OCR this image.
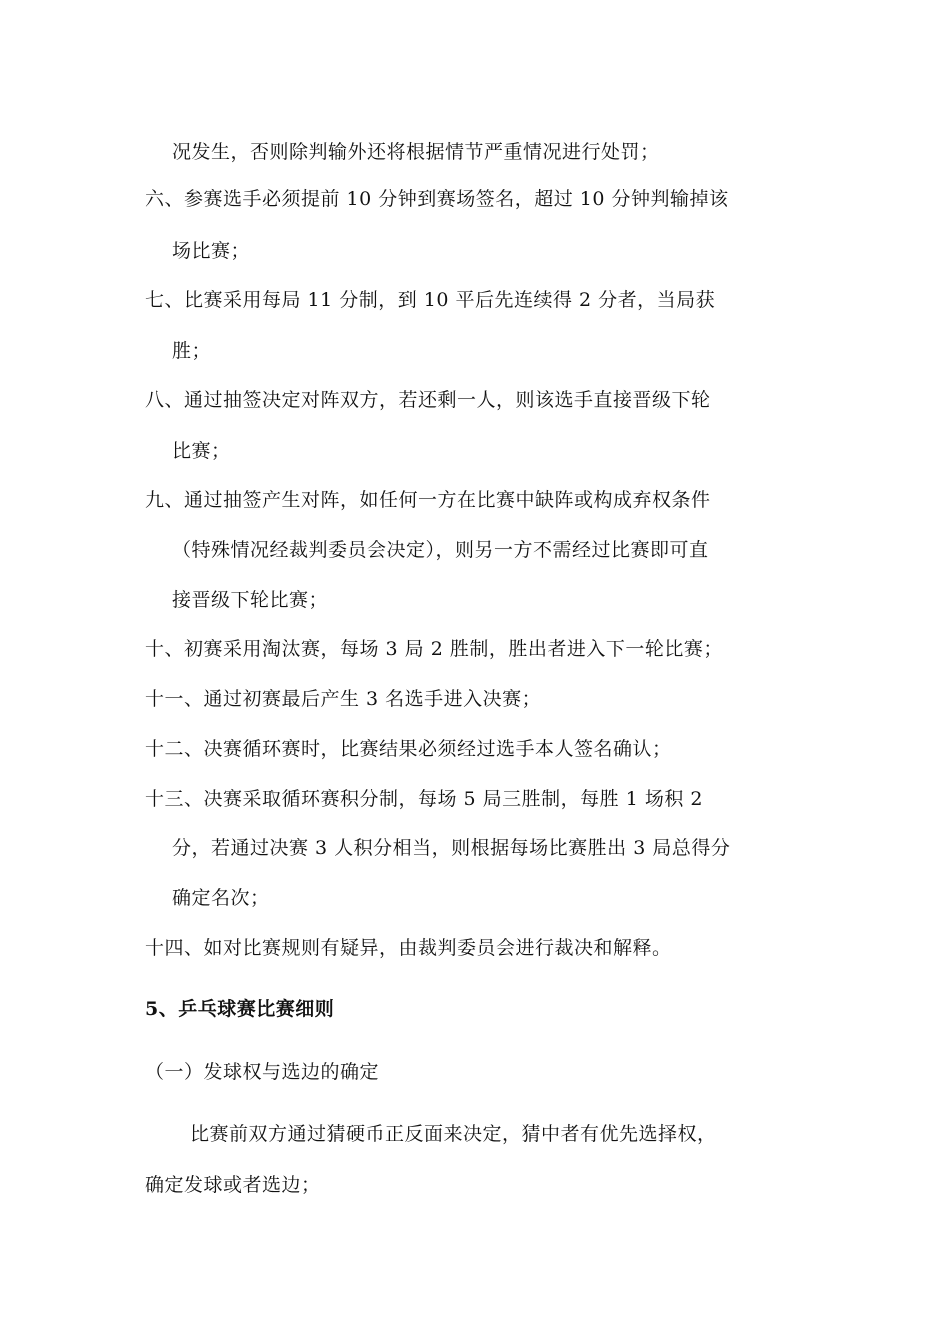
况发生，否则除判输外还将根据情节严重情况进行处罚；
六、参赛选手必须提前 10 分钟到赛场签名，超过 10 分钟判输掉该
场比赛；
七、比赛采用每局 11 分制，到 10 平后先连续得 2 分者，当局获
胜；
八、通过抽签决定对阵双方，若还剩一人，则该选手直接晋级下轮
比赛；
九、通过抽签产生对阵，如任何一方在比赛中缺阵或构成弃权条件
（特殊情况经裁判委员会决定），则另一方不需经过比赛即可直
接晋级下轮比赛；
十、初赛采用淘汰赛，每场 3 局 2 胜制，胜出者进入下一轮比赛；
十一、通过初赛最后产生 3 名选手进入决赛；
十二、决赛循环赛时，比赛结果必须经过选手本人签名确认；
十三、决赛采取循环赛积分制，每场 5 局三胜制，每胜 1 场积 2
分，若通过决赛 3 人积分相当，则根据每场比赛胜出 3 局总得分
确定名次；
十四、如对比赛规则有疑异，由裁判委员会进行裁决和解释。
5、乒乓球赛比赛细则
（一）发球权与选边的确定
比赛前双方通过猜硬币正反面来决定，猜中者有优先选择权，
确定发球或者选边；
